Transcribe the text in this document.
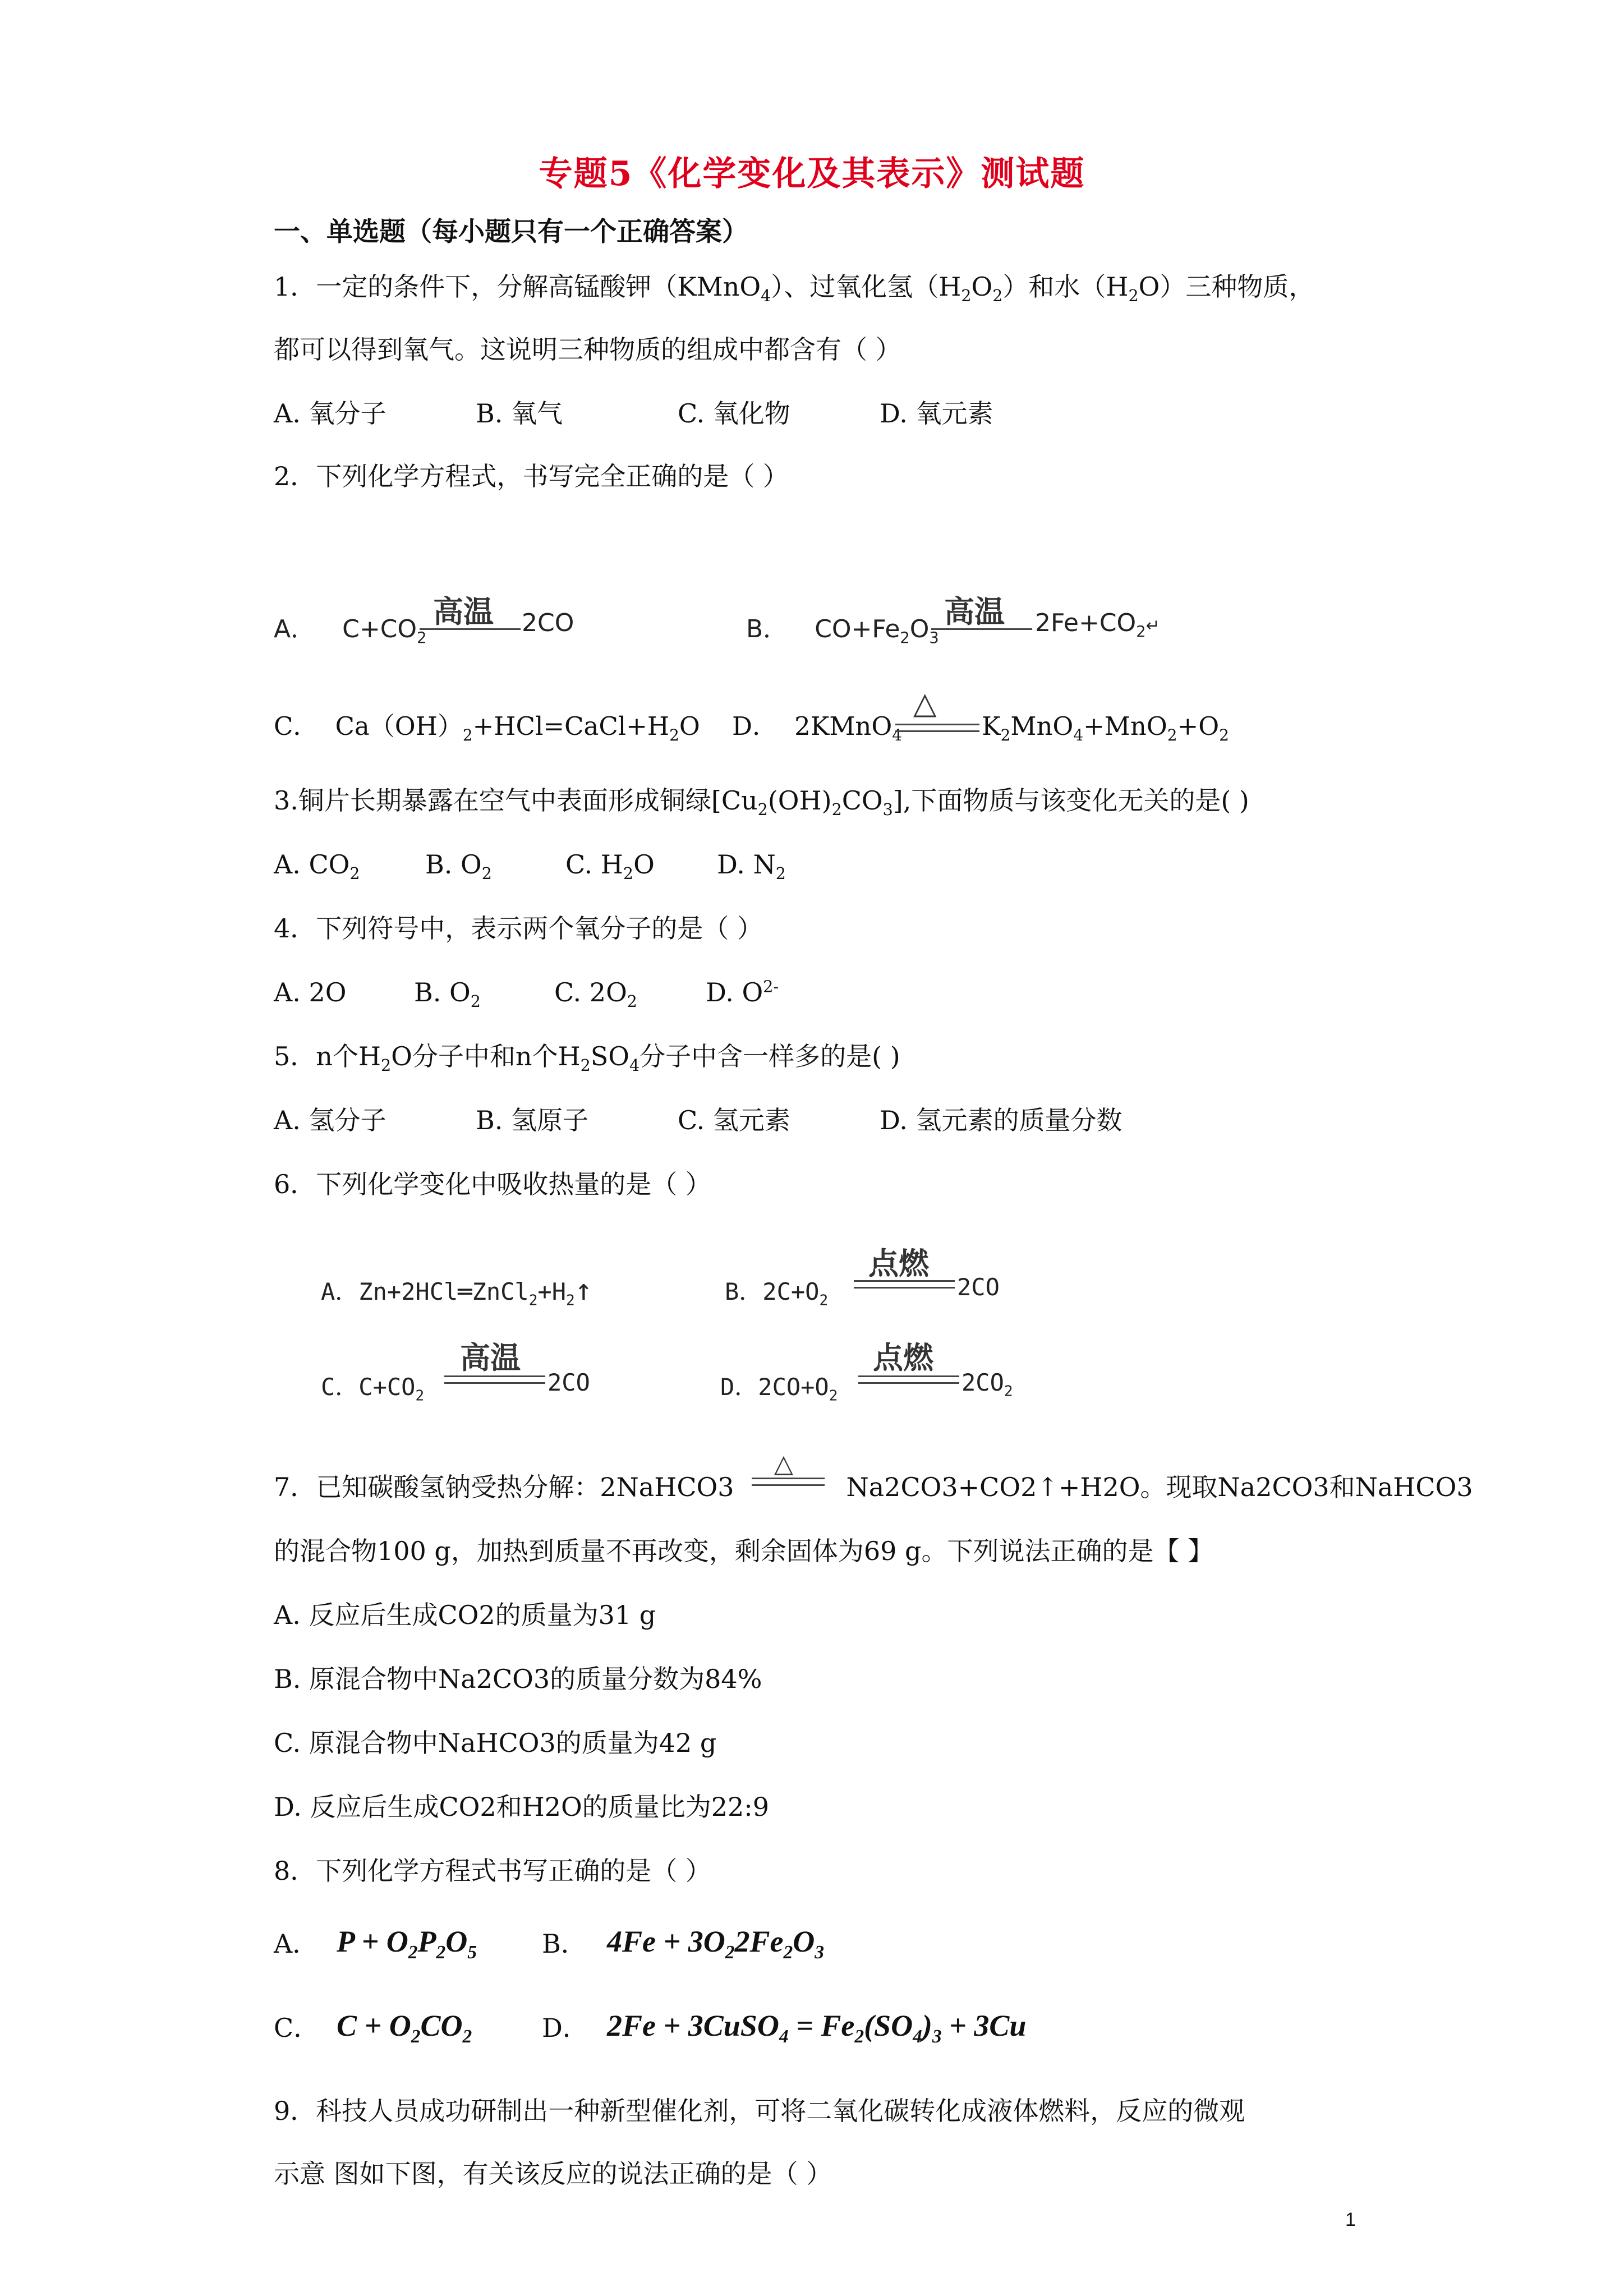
专题5《化学变化及其表示》测试题
一、单选题（每小题只有一个正确答案）
1．一定的条件下，分解高锰酸钾（KMnO$_4$）、过氧化氢$(H_2O_2)$和水$(H_2O)$三种物质，
都可以得到氧气。这说明三种物质的组成中都含有（ ）
A. 氧分子	B. 氧气	C. 氧化物	D. 氧元素
2．下列化学方程式，书写完全正确的是（ ）
A． $C+CO_2$
高温 2CO	B． $CO+Fe_2O_3$
高温 $2Fe+CO_2↵$
C． $Ca(OH)_2+HCl=CaCl+H_2O$ D． 2KMnO$_4$
△
$K_2MnO_4+MnO_2+O_2$
3.铜片长期暴露在空气中表面形成铜绿$[Cu_2(OH)_2CO_3]$,下面物质与该变化无关的是( )
A. $CO_2$	B. $O_2$	C. $H_2O$ D. $N_2$
4．下列符号中，表示两个氧分子的是（ ）
A. 2O	B. $O_2$	C. $2O_2$	D. $O^{2-}$
5．n个$H_2O$分子中和n个$H_2SO_4$分子中含一样多的是( )
A. 氢分子	B. 氢原子	C. 氢元素	D. 氢元素的质量分数
6．下列化学变化中吸收热量的是（ ）
A．$Zn+2HCl═ZnCl_2+H_2↑$	B．$2C+O_2$
点燃
2CO
C．$C+CO_2$
高温
2CO	D．$2CO+O_2$
点燃
$2CO_2$
7．已知碳酸氢钠受热分解：2NaHCO3	Na2CO3+CO2↑+H2O。现取Na2CO3和NaHCO3
△
的混合物100 g，加热到质量不再改变，剩余固体为69 g。下列说法正确的是【 】
A. 反应后生成CO2的质量为31 g
B. 原混合物中Na2CO3的质量分数为84%
C. 原混合物中NaHCO3的质量为42 g
D. 反应后生成CO2和H2O的质量比为22:9
8．下列化学方程式书写正确的是（ ）
A． $P + O_2P_2O_5$	B． $4Fe + 3O_22Fe_2O_3$
C． $C + O_2CO_2$	D． 2Fe + 3CuSO$_4$ = $Fe_2(SO_4)_3 + 3Cu$
9．科技人员成功研制出一种新型催化剂，可将二氧化碳转化成液体燃料，反应的微观
示意 图如下图，有关该反应的说法正确的是（ ）
1
